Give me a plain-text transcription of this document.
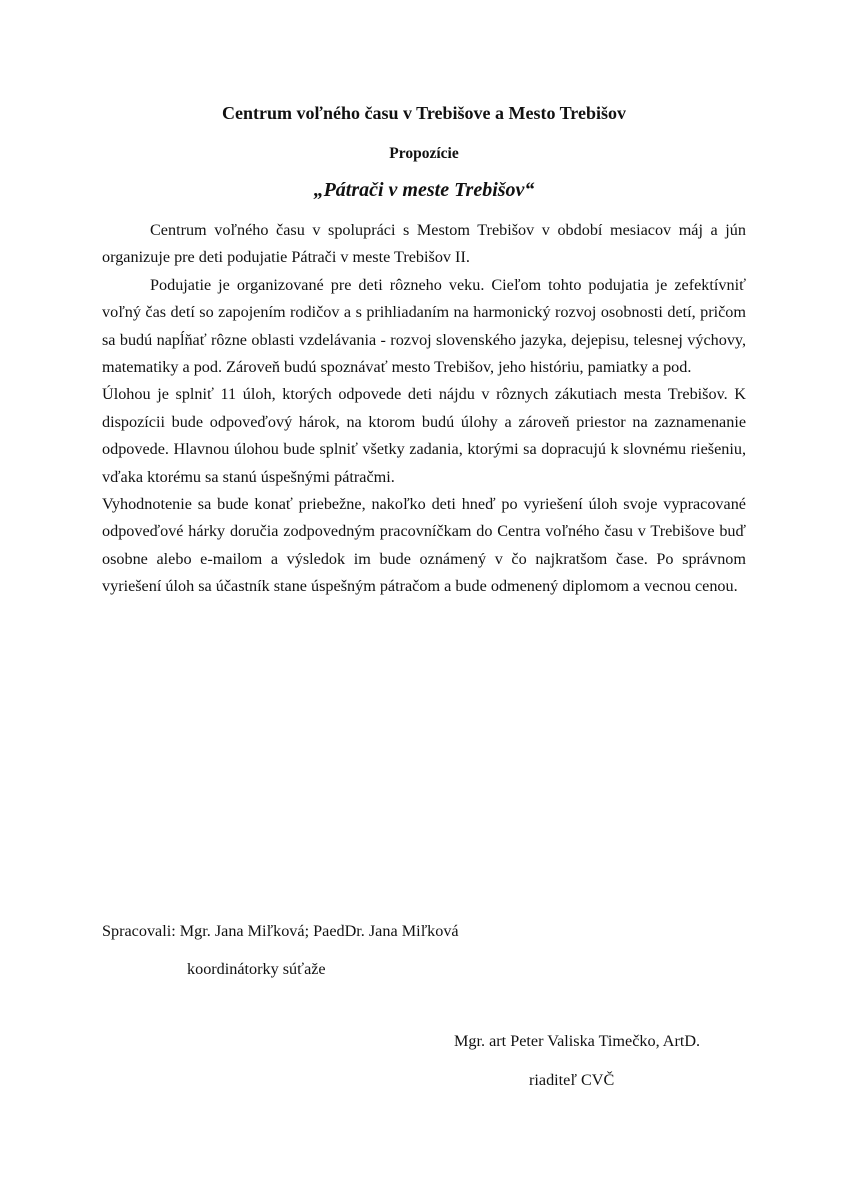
Centrum voľného času v Trebišove a Mesto Trebišov
Propozície
„Pátrači v meste Trebišov“

Centrum voľného času v spolupráci s Mestom Trebišov v období mesiacov máj a jún organizuje pre deti podujatie Pátrači v meste Trebišov II.

Podujatie je organizované pre deti rôzneho veku. Cieľom tohto podujatia je zefektívniť voľný čas detí so zapojením rodičov a s prihliadaním na harmonický rozvoj osobnosti detí, pričom sa budú napĺňať rôzne oblasti vzdelávania - rozvoj slovenského jazyka, dejepisu, telesnej výchovy, matematiky a pod. Zároveň budú spoznávať mesto Trebišov, jeho históriu, pamiatky a pod.

Úlohou je splniť 11 úloh, ktorých odpovede deti nájdu v rôznych zákutiach mesta Trebišov. K dispozícii bude odpoveďový hárok, na ktorom budú úlohy a zároveň priestor na zaznamenanie odpovede. Hlavnou úlohou bude splniť všetky zadania, ktorými sa dopracujú k slovnému riešeniu, vďaka ktorému sa stanú úspešnými pátračmi.

Vyhodnotenie sa bude konať priebežne, nakoľko deti hneď po vyriešení úloh svoje vypracované odpoveďové hárky doručia zodpovedným pracovníčkam do Centra voľného času v Trebišove buď osobne alebo e-mailom a výsledok im bude oznámený v čo najkratšom čase. Po správnom vyriešení úloh sa účastník stane úspešným pátračom a bude odmenený diplomom a vecnou cenou.

Spracovali: Mgr. Jana Miľková; PaedDr. Jana Miľková

koordinátorky súťaže

Mgr. art Peter Valiska Timečko, ArtD.

riaditeľ CVČ
